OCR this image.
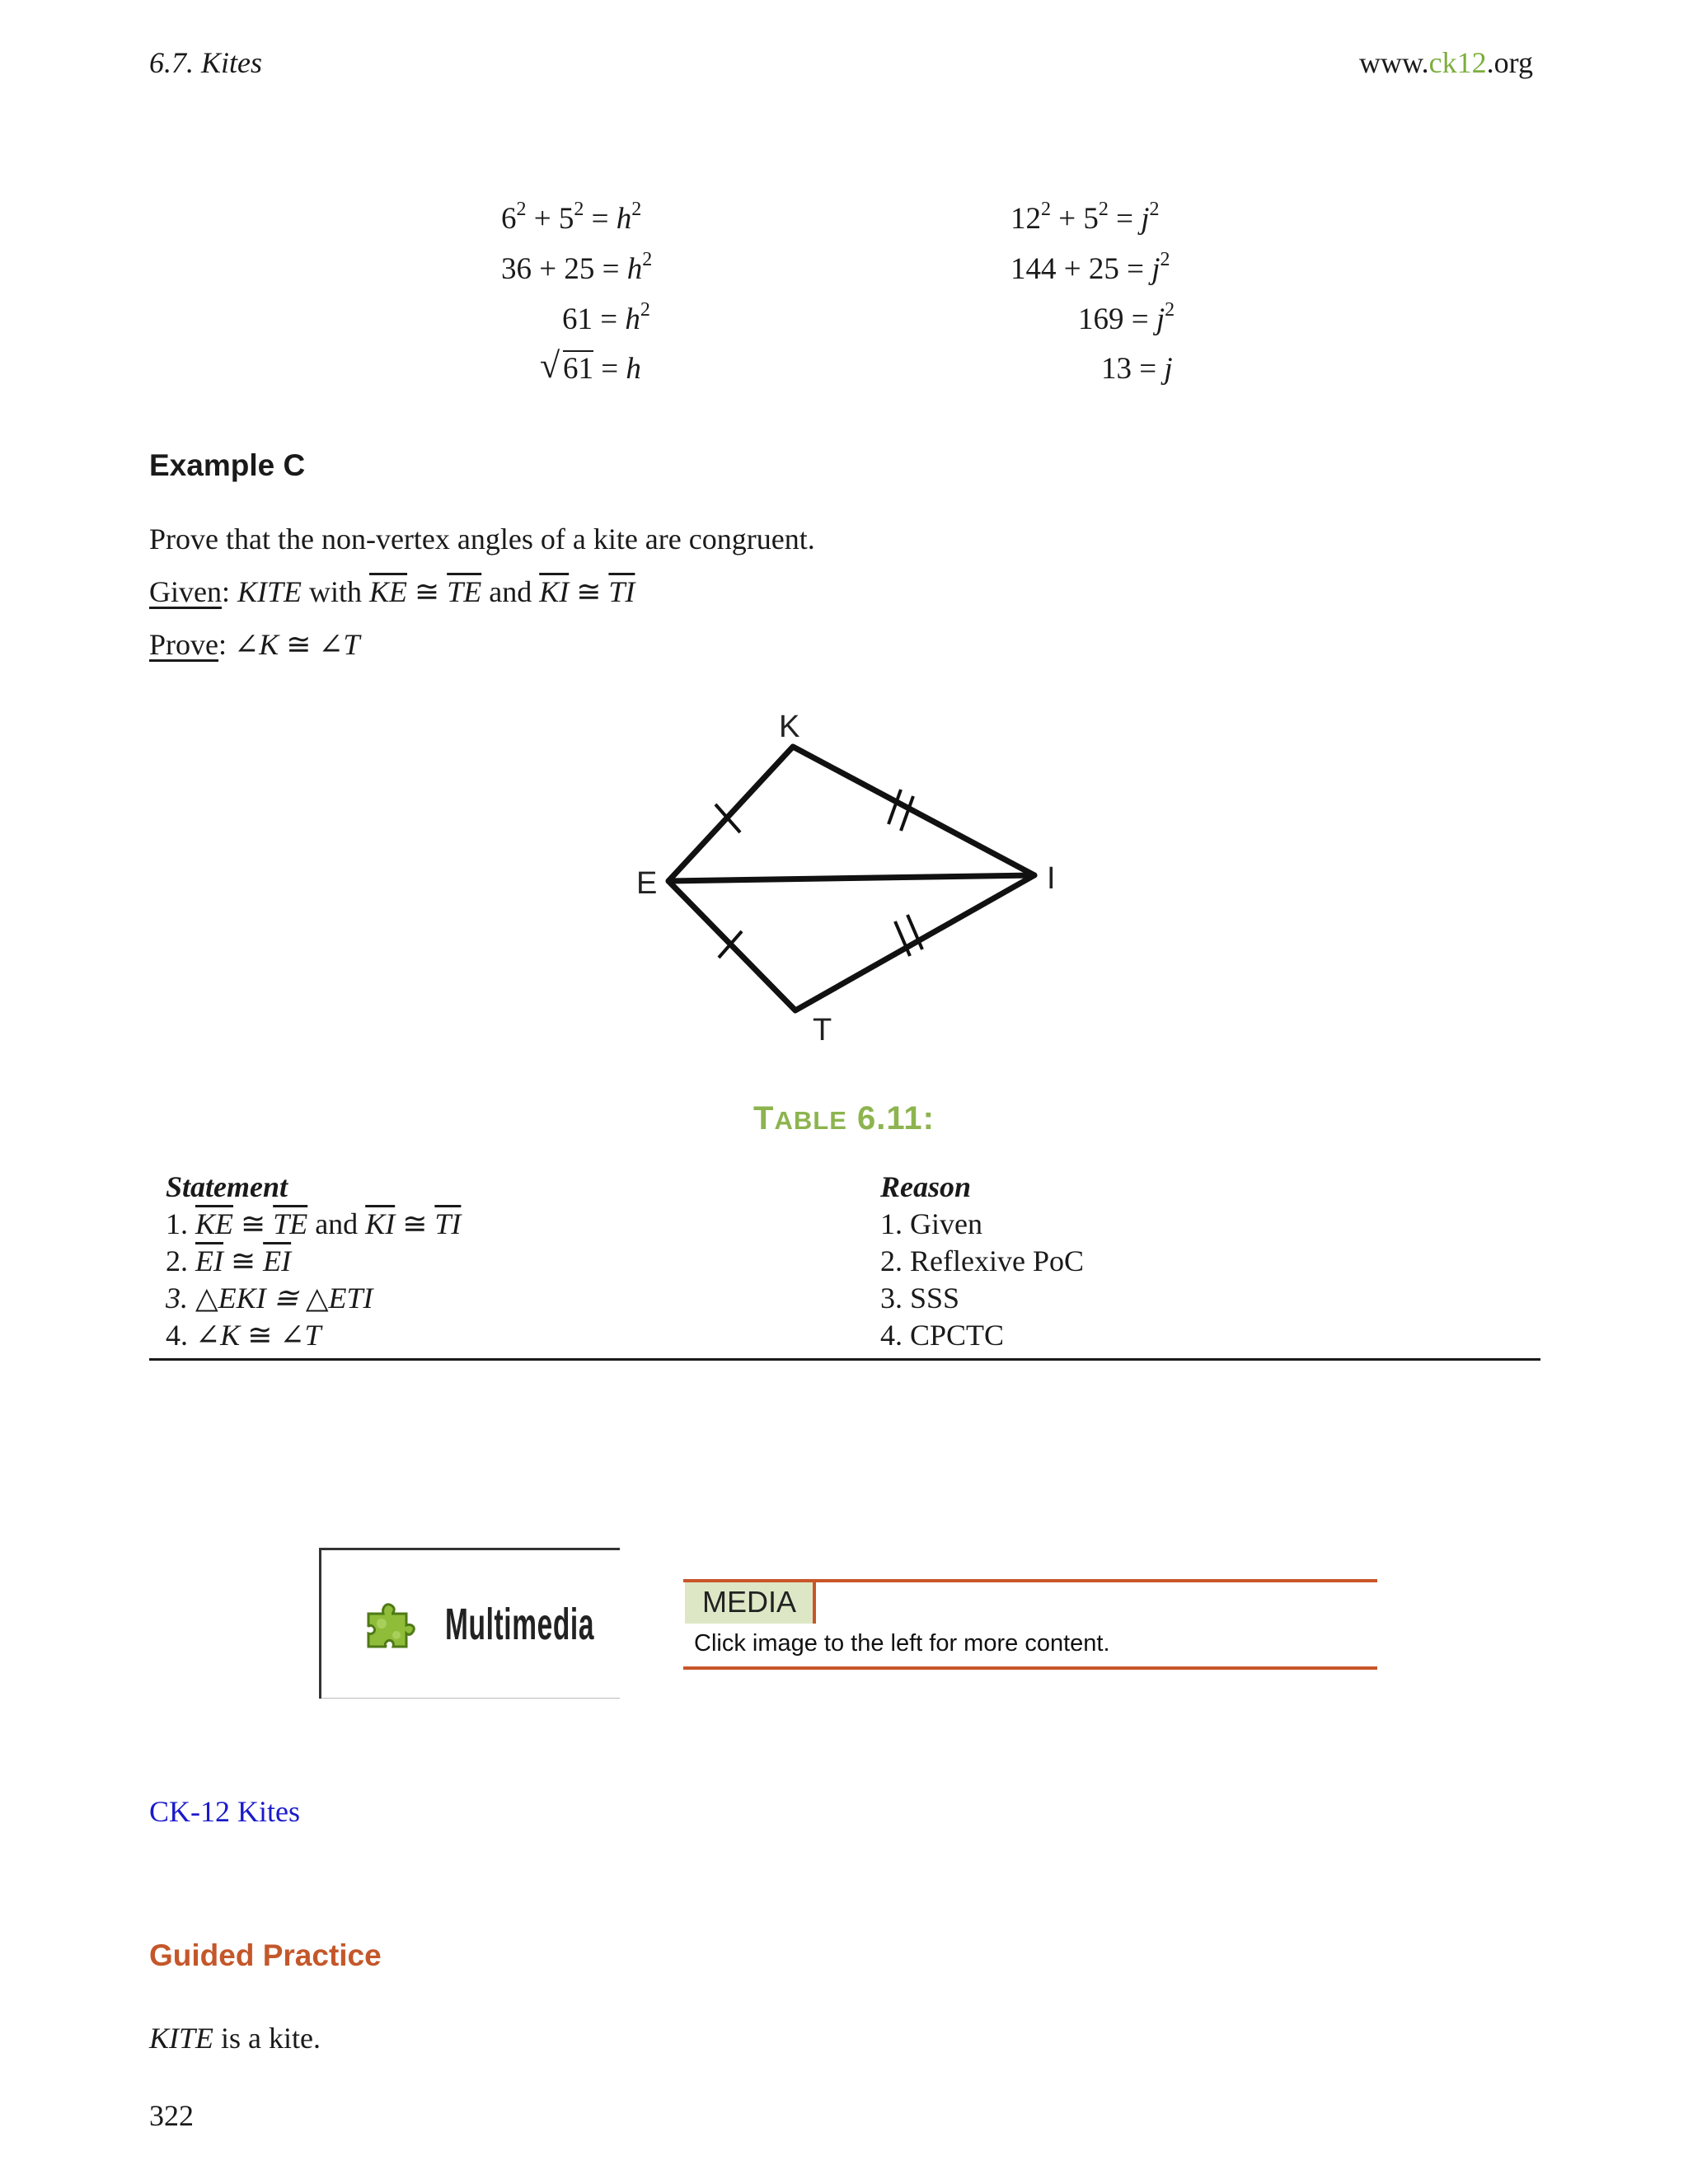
6.7. Kites	www.ck12.org
$6^2 + 5^2 = h^2$
$36 + 25 = h^2$
$61 = h^2$
√ 61 = h
$12^2 + 5^2 = j^2$
$144 + 25 = j^2$
$169 = j^2$
13 = j
Example C
Prove that the non-vertex angles of a kite are congruent.
Given: KITE with $\overline{KE}$ ≅ $\overline{TE}$ and $\overline{KI}$ ≅ $\overline{TI}$
Prove: ∠K ≅ ∠T
K
I
T
E
TABLE 6.11:
Statement	Reason
1. $\overline{KE}$ ≅ $\overline{TE}$ and $\overline{KI}$ ≅ $\overline{TI}$	1. Given
2. $\overline{EI}$ ≅ $\overline{EI}$	2. Reflexive PoC
3. △EKI ≅ △ETI	3. SSS
4. ∠K ≅ ∠T	4. CPCTC
Multimedia	MEDIA
Click image to the left for more content.
CK-12 Kites
Guided Practice
KITE is a kite.
322
